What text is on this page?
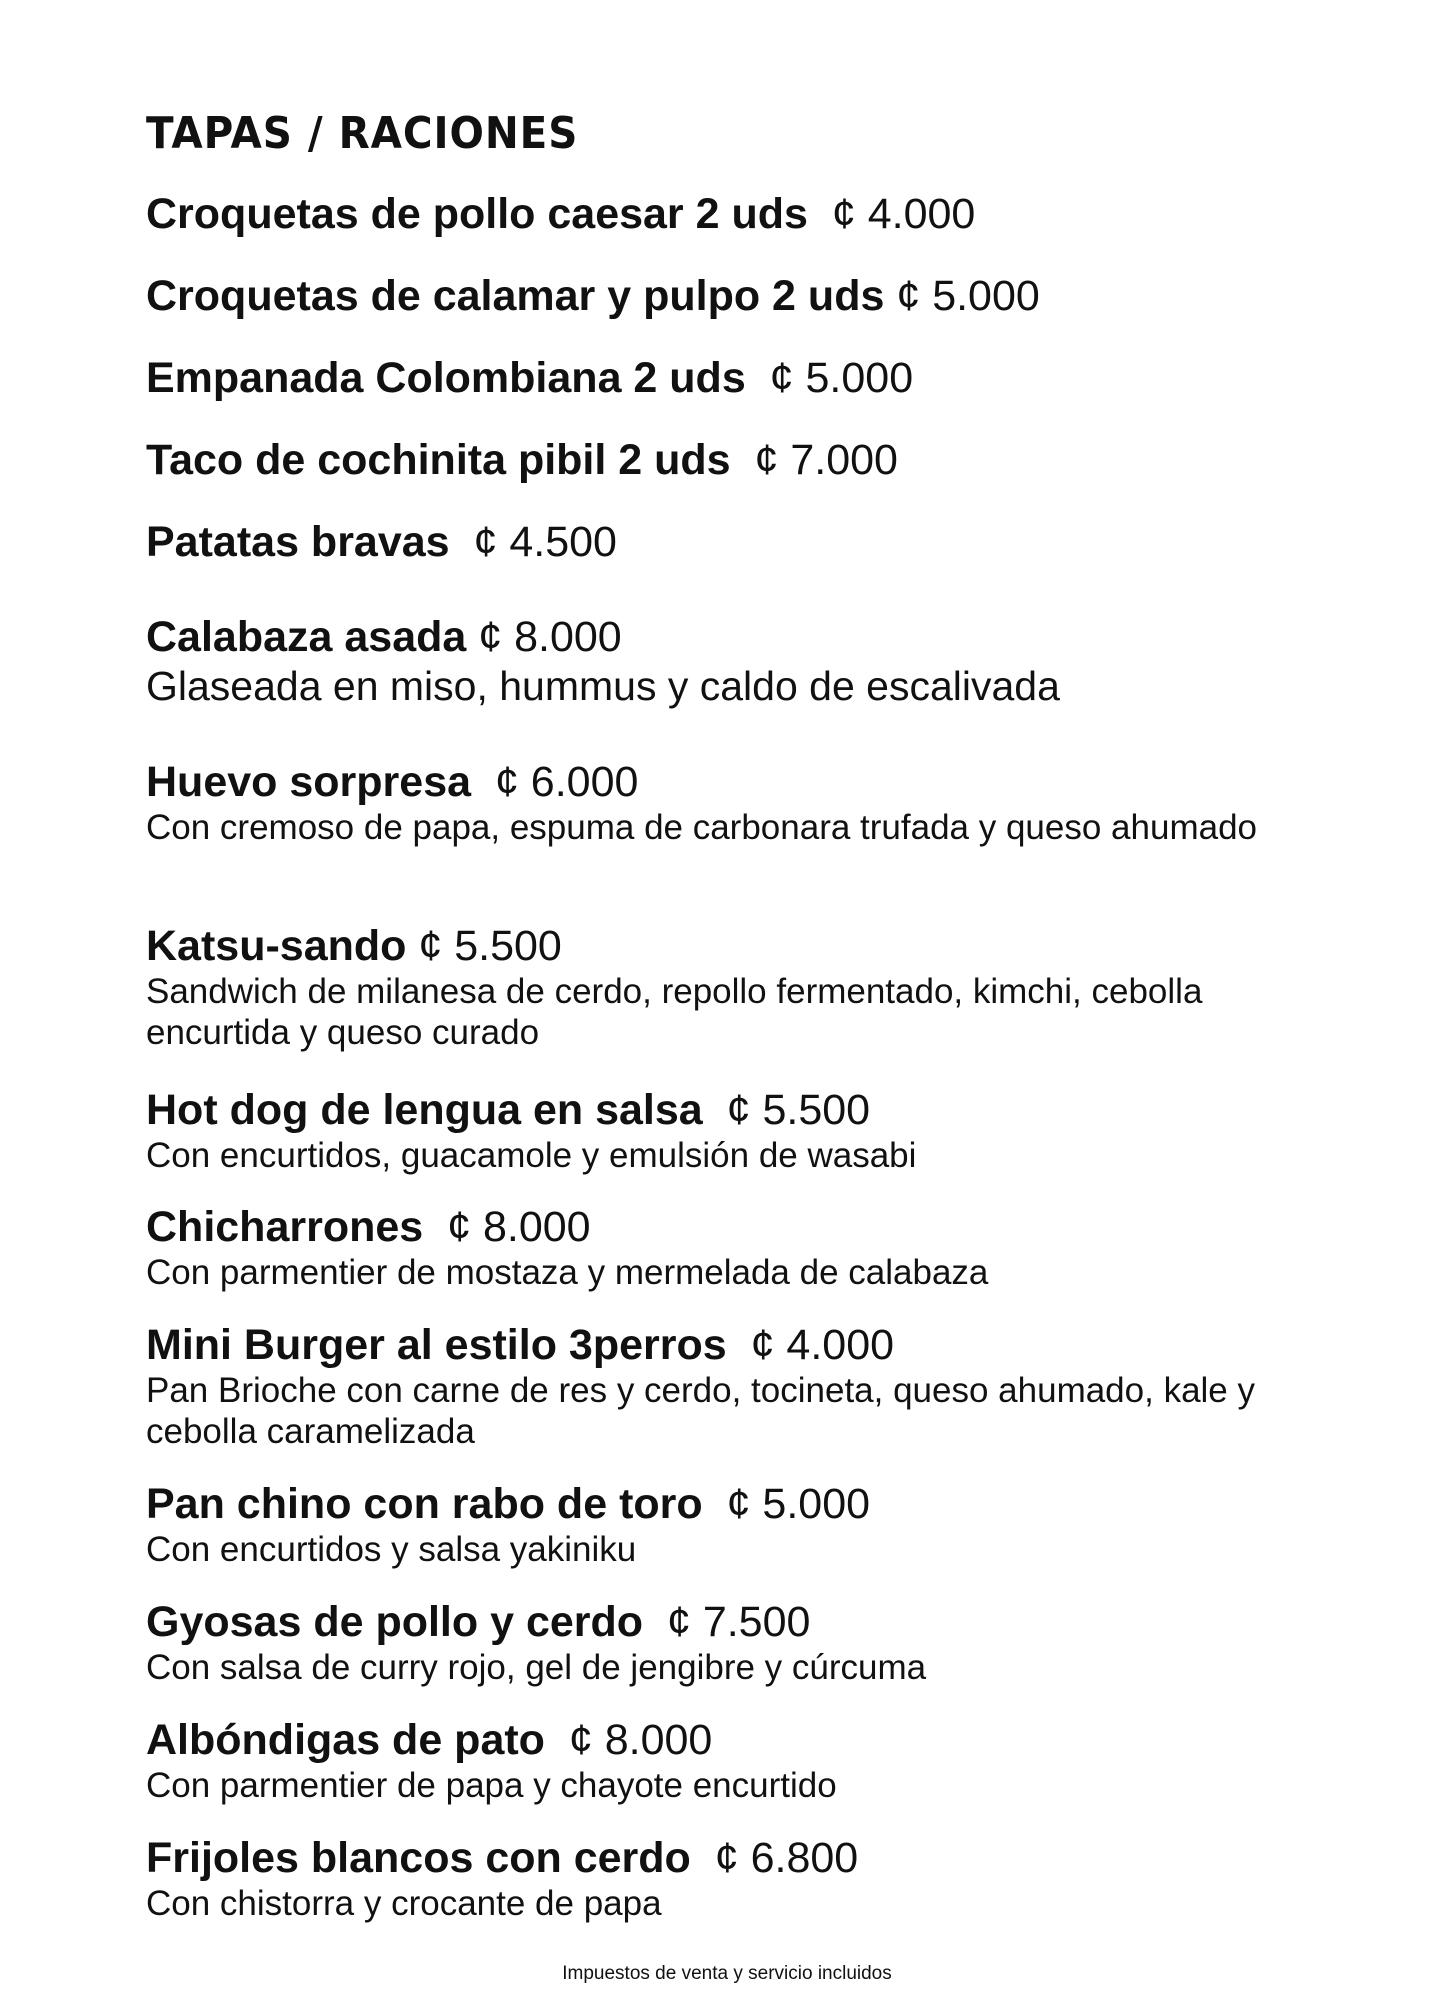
TAPAS / RACIONES
Croquetas de pollo caesar 2 uds ¢ 4.000
Croquetas de calamar y pulpo 2 uds ¢ 5.000
Empanada Colombiana 2 uds ¢ 5.000
Taco de cochinita pibil 2 uds ¢ 7.000
Patatas bravas ¢ 4.500
Calabaza asada ¢ 8.000
Glaseada en miso, hummus y caldo de escalivada
Huevo sorpresa ¢ 6.000
Con cremoso de papa, espuma de carbonara trufada y queso ahumado
Katsu-sando ¢ 5.500
Sandwich de milanesa de cerdo, repollo fermentado, kimchi, cebolla encurtida y queso curado
Hot dog de lengua en salsa ¢ 5.500
Con encurtidos, guacamole y emulsión de wasabi
Chicharrones ¢ 8.000
Con parmentier de mostaza y mermelada de calabaza
Mini Burger al estilo 3perros ¢ 4.000
Pan Brioche con carne de res y cerdo, tocineta, queso ahumado, kale y cebolla caramelizada
Pan chino con rabo de toro ¢ 5.000
Con encurtidos y salsa yakiniku
Gyosas de pollo y cerdo ¢ 7.500
Con salsa de curry rojo, gel de jengibre y cúrcuma
Albóndigas de pato ¢ 8.000
Con parmentier de papa y chayote encurtido
Frijoles blancos con cerdo ¢ 6.800
Con chistorra y crocante de papa
Impuestos de venta y servicio incluidos
